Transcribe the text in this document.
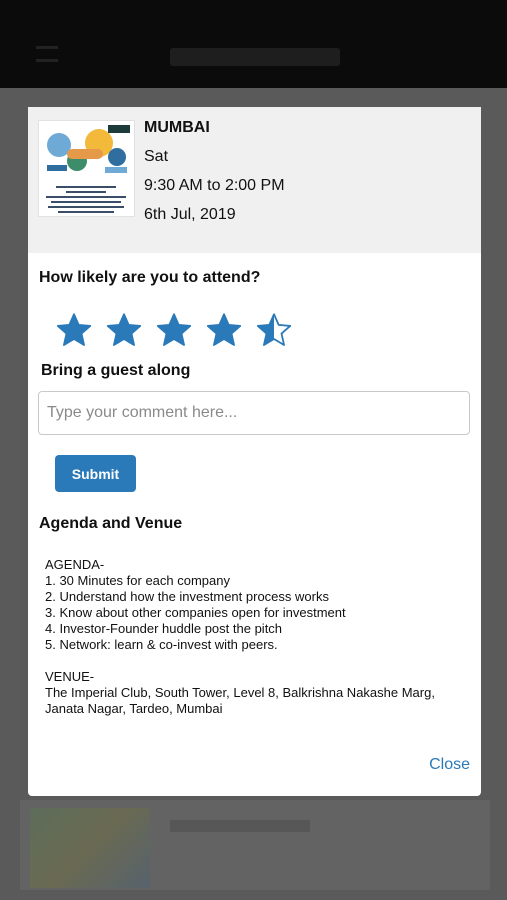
MUMBAI
Sat
9:30 AM to 2:00 PM
6th Jul, 2019
How likely are you to attend?
Bring a guest along
Type your comment here...
Submit
Agenda and Venue
AGENDA-
1. 30 Minutes for each company
2. Understand how the investment process works
3. Know about other companies open for investment
4. Investor-Founder huddle post the pitch
5. Network: learn & co-invest with peers.
VENUE-
The Imperial Club, South Tower, Level 8, Balkrishna Nakashe Marg,
Janata Nagar, Tardeo, Mumbai
Close
